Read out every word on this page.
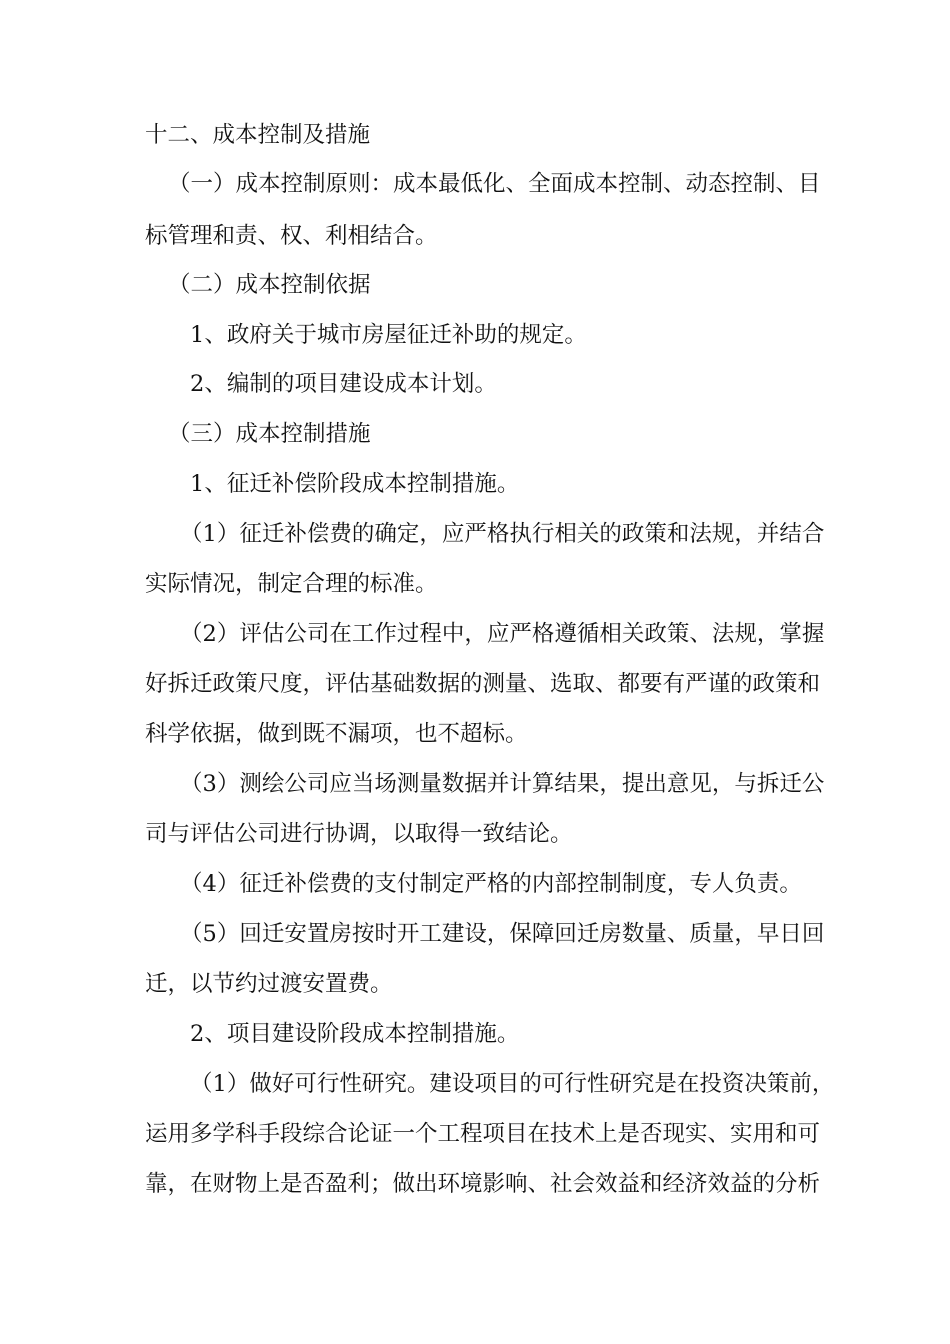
十二、成本控制及措施
（一）成本控制原则：成本最低化、全面成本控制、动态控制、目
标管理和责、权、利相结合。
（二）成本控制依据
1、政府关于城市房屋征迁补助的规定。
2、编制的项目建设成本计划。
（三）成本控制措施
1、征迁补偿阶段成本控制措施。
（1）征迁补偿费的确定，应严格执行相关的政策和法规，并结合
实际情况，制定合理的标准。
（2）评估公司在工作过程中，应严格遵循相关政策、法规，掌握
好拆迁政策尺度，评估基础数据的测量、选取、都要有严谨的政策和
科学依据，做到既不漏项，也不超标。
（3）测绘公司应当场测量数据并计算结果，提出意见，与拆迁公
司与评估公司进行协调，以取得一致结论。
（4）征迁补偿费的支付制定严格的内部控制制度，专人负责。
（5）回迁安置房按时开工建设，保障回迁房数量、质量，早日回
迁，以节约过渡安置费。
2、项目建设阶段成本控制措施。
（1）做好可行性研究。建设项目的可行性研究是在投资决策前，
运用多学科手段综合论证一个工程项目在技术上是否现实、实用和可
靠，在财物上是否盈利；做出环境影响、社会效益和经济效益的分析
